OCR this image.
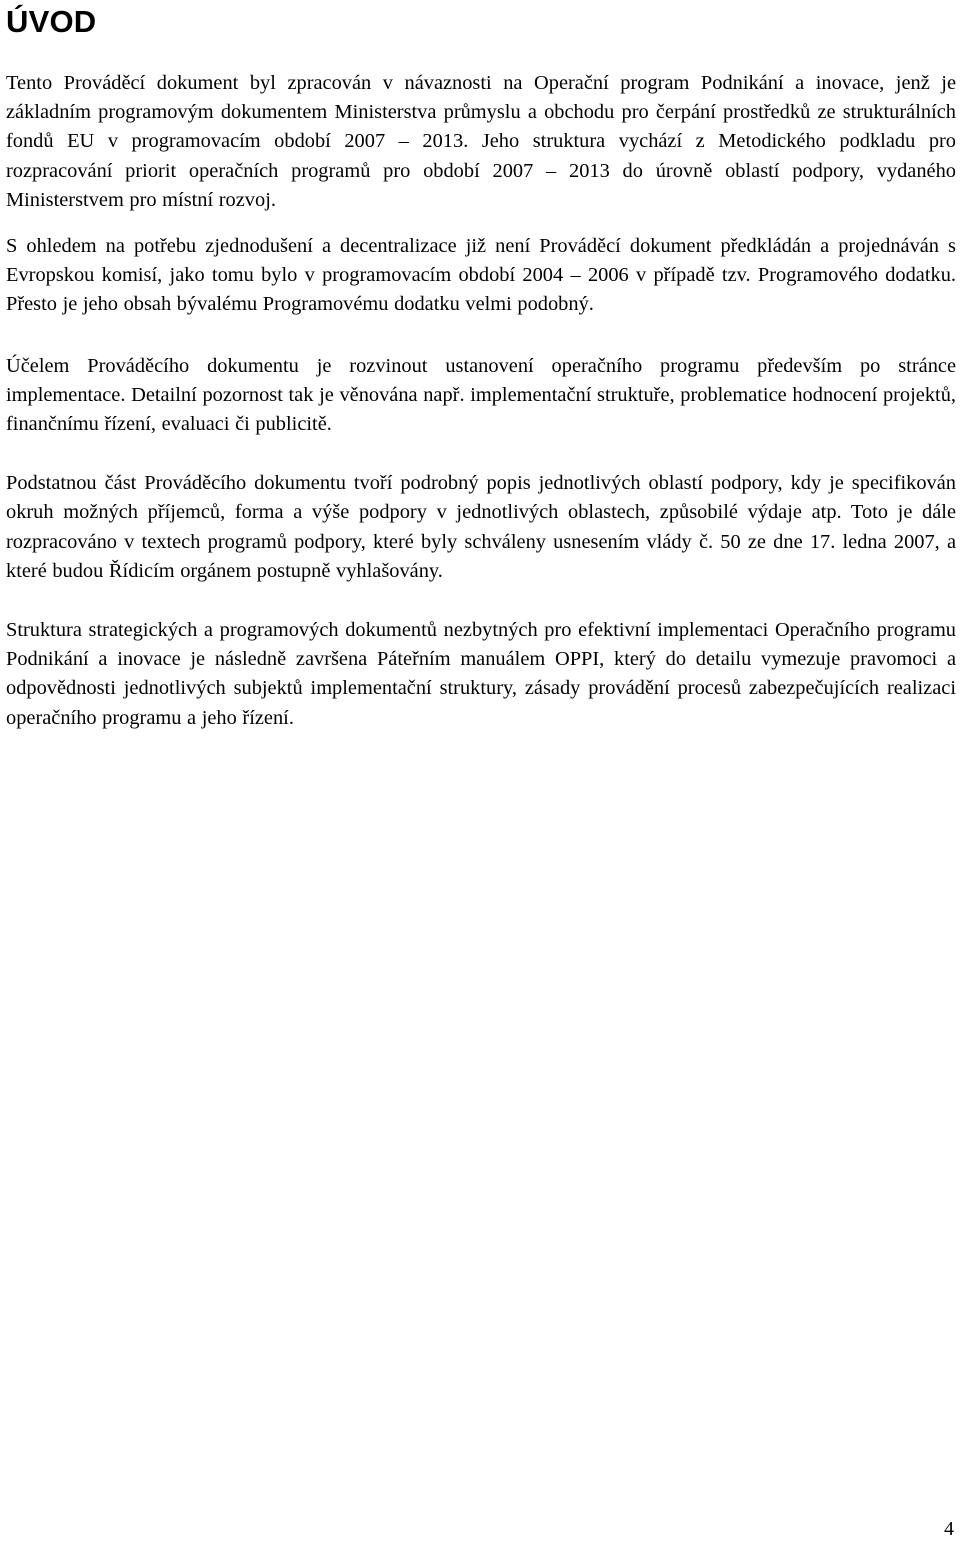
ÚVOD

Tento Prováděcí dokument byl zpracován v návaznosti na Operační program Podnikání a inovace, jenž je základním programovým dokumentem Ministerstva průmyslu a obchodu pro čerpání prostředků ze strukturálních fondů EU v programovacím období 2007 – 2013. Jeho struktura vychází z Metodického podkladu pro rozpracování priorit operačních programů pro období 2007 – 2013 do úrovně oblastí podpory, vydaného Ministerstvem pro místní rozvoj.

S ohledem na potřebu zjednodušení a decentralizace již není Prováděcí dokument předkládán a projednáván s Evropskou komisí, jako tomu bylo v programovacím období 2004 – 2006 v případě tzv. Programového dodatku. Přesto je jeho obsah bývalému Programovému dodatku velmi podobný.

Účelem Prováděcího dokumentu je rozvinout ustanovení operačního programu především po stránce implementace. Detailní pozornost tak je věnována např. implementační struktuře, problematice hodnocení projektů, finančnímu řízení, evaluaci či publicitě.

Podstatnou část Prováděcího dokumentu tvoří podrobný popis jednotlivých oblastí podpory, kdy je specifikován okruh možných příjemců, forma a výše podpory v jednotlivých oblastech, způsobilé výdaje atp. Toto je dále rozpracováno v textech programů podpory, které byly schváleny usnesením vlády č. 50 ze dne 17. ledna 2007, a které budou Řídicím orgánem postupně vyhlašovány.

Struktura strategických a programových dokumentů nezbytných pro efektivní implementaci Operačního programu Podnikání a inovace je následně završena Páteřním manuálem OPPI, který do detailu vymezuje pravomoci a odpovědnosti jednotlivých subjektů implementační struktury, zásady provádění procesů zabezpečujících realizaci operačního programu a jeho řízení.

4
